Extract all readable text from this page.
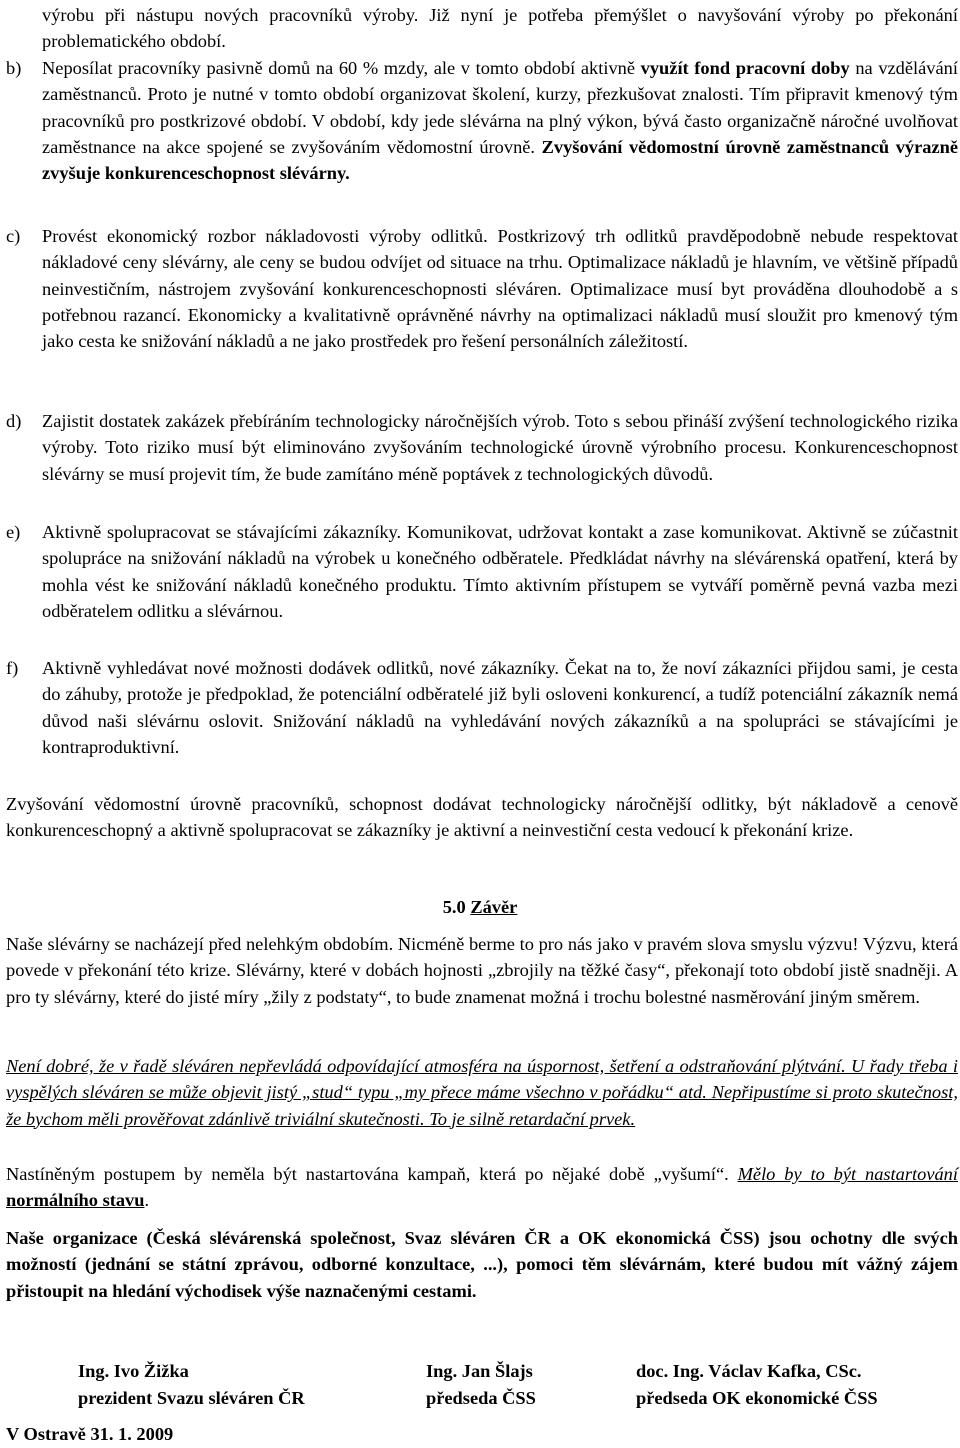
výrobu při nástupu nových pracovníků výroby. Již nyní je potřeba přemýšlet o navyšování výroby po překonání problematického období.

b) Neposílat pracovníky pasivně domů na 60 % mzdy, ale v tomto období aktivně využít fond pracovní doby na vzdělávání zaměstnanců. Proto je nutné v tomto období organizovat školení, kurzy, přezkušovat znalosti. Tím připravit kmenový tým pracovníků pro postkrizové období. V období, kdy jede slévárna na plný výkon, bývá často organizačně náročné uvolňovat zaměstnance na akce spojené se zvyšováním vědomostní úrovně. Zvyšování vědomostní úrovně zaměstnanců výrazně zvyšuje konkurenceschopnost slévárny.

c) Provést ekonomický rozbor nákladovosti výroby odlitků. Postkrizový trh odlitků pravděpodobně nebude respektovat nákladové ceny slévárny, ale ceny se budou odvíjet od situace na trhu. Optimalizace nákladů je hlavním, ve většině případů neinvestičním, nástrojem zvyšování konkurenceschopnosti sléváren. Optimalizace musí byt prováděna dlouhodobě a s potřebnou razancí. Ekonomicky a kvalitativně oprávněné návrhy na optimalizaci nákladů musí sloužit pro kmenový tým jako cesta ke snižování nákladů a ne jako prostředek pro řešení personálních záležitostí.

d) Zajistit dostatek zakázek přebíráním technologicky náročnějších výrob. Toto s sebou přináší zvýšení technologického rizika výroby. Toto riziko musí být eliminováno zvyšováním technologické úrovně výrobního procesu. Konkurenceschopnost slévárny se musí projevit tím, že bude zamítáno méně poptávek z technologických důvodů.

e) Aktivně spolupracovat se stávajícími zákazníky. Komunikovat, udržovat kontakt a zase komunikovat. Aktivně se zúčastnit spolupráce na snižování nákladů na výrobek u konečného odběratele. Předkládat návrhy na slévárenská opatření, která by mohla vést ke snižování nákladů konečného produktu. Tímto aktivním přístupem se vytváří poměrně pevná vazba mezi odběratelem odlitku a slévárnou.

f) Aktivně vyhledávat nové možnosti dodávek odlitků, nové zákazníky. Čekat na to, že noví zákazníci přijdou sami, je cesta do záhuby, protože je předpoklad, že potenciální odběratelé již byli osloveni konkurencí, a tudíž potenciální zákazník nemá důvod naši slévárnu oslovit. Snižování nákladů na vyhledávání nových zákazníků a na spolupráci se stávajícími je kontraproduktivní.

Zvyšování vědomostní úrovně pracovníků, schopnost dodávat technologicky náročnější odlitky, být nákladově a cenově konkurenceschopný a aktivně spolupracovat se zákazníky je aktivní a neinvestiční cesta vedoucí k překonání krize.

5.0 Závěr

Naše slévárny se nacházejí před nelehkým obdobím. Nicméně berme to pro nás jako v pravém slova smyslu výzvu! Výzvu, která povede v překonání této krize. Slévárny, které v dobách hojnosti „zbrojily na těžké časy“, překonají toto období jistě snadněji. A pro ty slévárny, které do jisté míry „žily z podstaty“, to bude znamenat možná i trochu bolestné nasměrování jiným směrem.

Není dobré, že v řadě sléváren nepřevládá odpovídající atmosféra na úspornost, šetření a odstraňování plýtvání. U řady třeba i vyspělých sléváren se může objevit jistý „stud“ typu „my přece máme všechno v pořádku“ atd. Nepřipustíme si proto skutečnost, že bychom měli prověřovat zdánlivě triviální skutečnosti. To je silně retardační prvek.

Nastíněným postupem by neměla být nastartována kampaň, která po nějaké době „vyšumí“. Mělo by to být nastartování normálního stavu.

Naše organizace (Česká slévárenská společnost, Svaz sléváren ČR a OK ekonomická ČSS) jsou ochotny dle svých možností (jednání se státní zprávou, odborné konzultace, ...), pomoci těm slévárnám, které budou mít vážný zájem přistoupit na hledání východisek výše naznačenými cestami.

Ing. Ivo Žižka
prezident Svazu sléváren ČR
Ing. Jan Šlajs
předseda ČSS
doc. Ing. Václav Kafka, CSc.
předseda OK ekonomické ČSS
V Ostravě 31. 1. 2009
